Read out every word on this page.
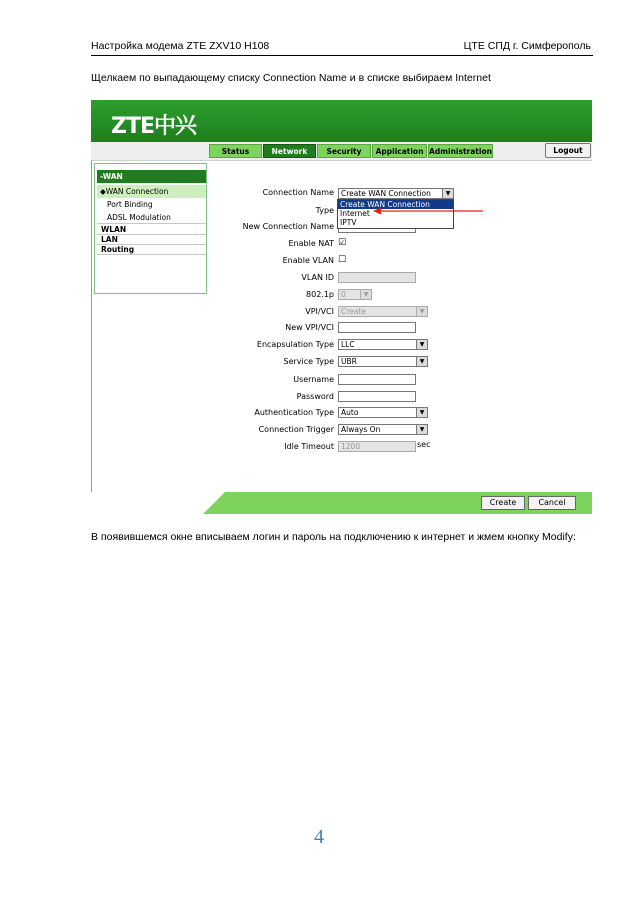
Настройка модема ZTE ZXV10 H108	ЦТЕ СПД г. Симферополь
Щелкаем по выпадающему списку Connection Name и в списке выбираем Internet
ZTE中兴
Status	Network	Security	Application Administration	Logout
-WAN
◆WAN Connection
Port Binding
ADSL Modulation
WLAN
LAN
Routing
Connection Name Create WAN Connection	▼
Type
New Connection Name
Enable NAT ☑
Enable VLAN ☐
VLAN ID
802.1p 0	▼
VPI/VCI Create	▼
New VPI/VCI
Encapsulation Type LLC	▼
Service Type UBR	▼
Username
Password
Authentication Type Auto	▼
Connection Trigger Always On	▼
Idle Timeout 1200	sec
Create WAN Connection
Internet
IPTV
Create	Cancel
В появившемся окне вписываем логин и пароль на подключению к интернет и жмем кнопку Modify:
4
